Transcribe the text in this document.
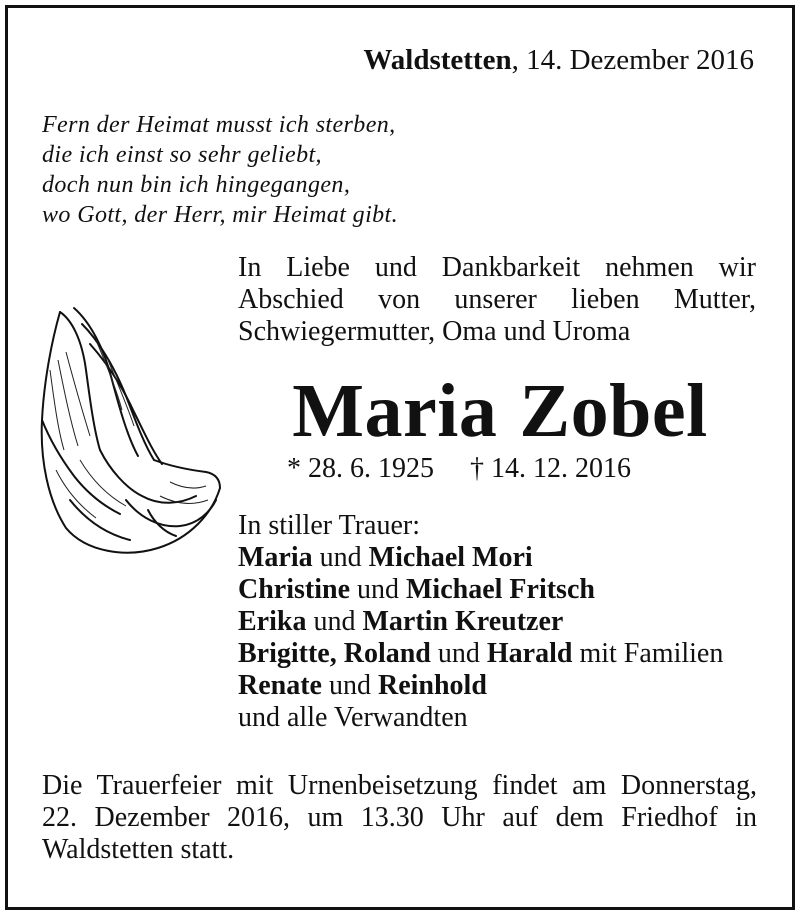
Waldstetten, 14. Dezember 2016
Fern der Heimat musst ich sterben,
die ich einst so sehr geliebt,
doch nun bin ich hingegangen,
wo Gott, der Herr, mir Heimat gibt.
In Liebe und Dankbarkeit nehmen wir
Abschied von unserer lieben Mutter,
Schwiegermutter, Oma und Uroma
Maria Zobel
* 28. 6. 1925 † 14. 12. 2016
In stiller Trauer:
Maria und Michael Mori
Christine und Michael Fritsch
Erika und Martin Kreutzer
Brigitte, Roland und Harald mit Familien
Renate und Reinhold
und alle Verwandten
Die Trauerfeier mit Urnenbeisetzung findet am Donnerstag,
22. Dezember 2016, um 13.30 Uhr auf dem Friedhof in
Waldstetten statt.
